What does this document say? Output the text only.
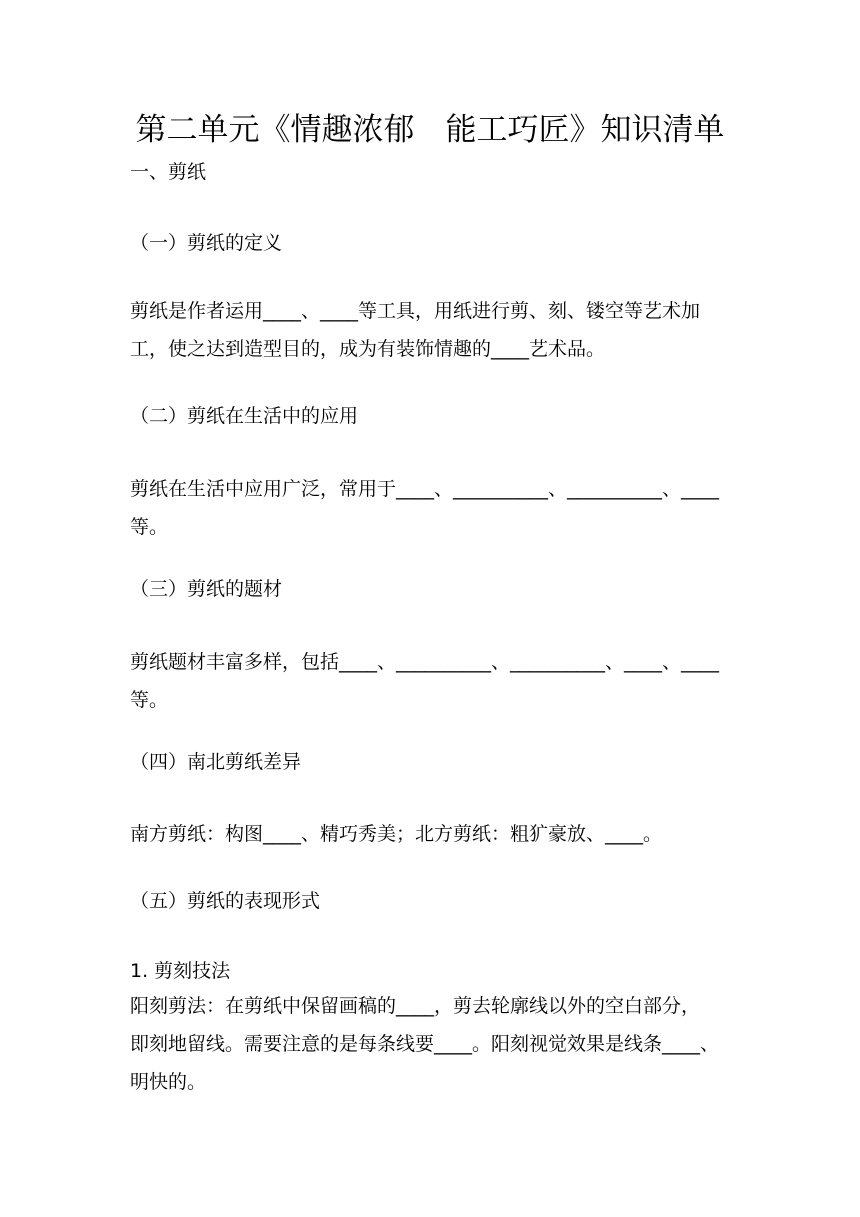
第二单元《情趣浓郁　能工巧匠》知识清单
一、剪纸
（一）剪纸的定义
剪纸是作者运用____、____等工具，用纸进行剪、刻、镂空等艺术加
工，使之达到造型目的，成为有装饰情趣的____艺术品。
（二）剪纸在生活中的应用
剪纸在生活中应用广泛，常用于____、__________、__________、____
等。
（三）剪纸的题材
剪纸题材丰富多样，包括____、__________、__________、____、____
等。
（四）南北剪纸差异
南方剪纸：构图____、精巧秀美；北方剪纸：粗犷豪放、____。
（五）剪纸的表现形式
1. 剪刻技法
阳刻剪法：在剪纸中保留画稿的____，剪去轮廓线以外的空白部分，
即刻地留线。需要注意的是每条线要____。阳刻视觉效果是线条____、
明快的。
